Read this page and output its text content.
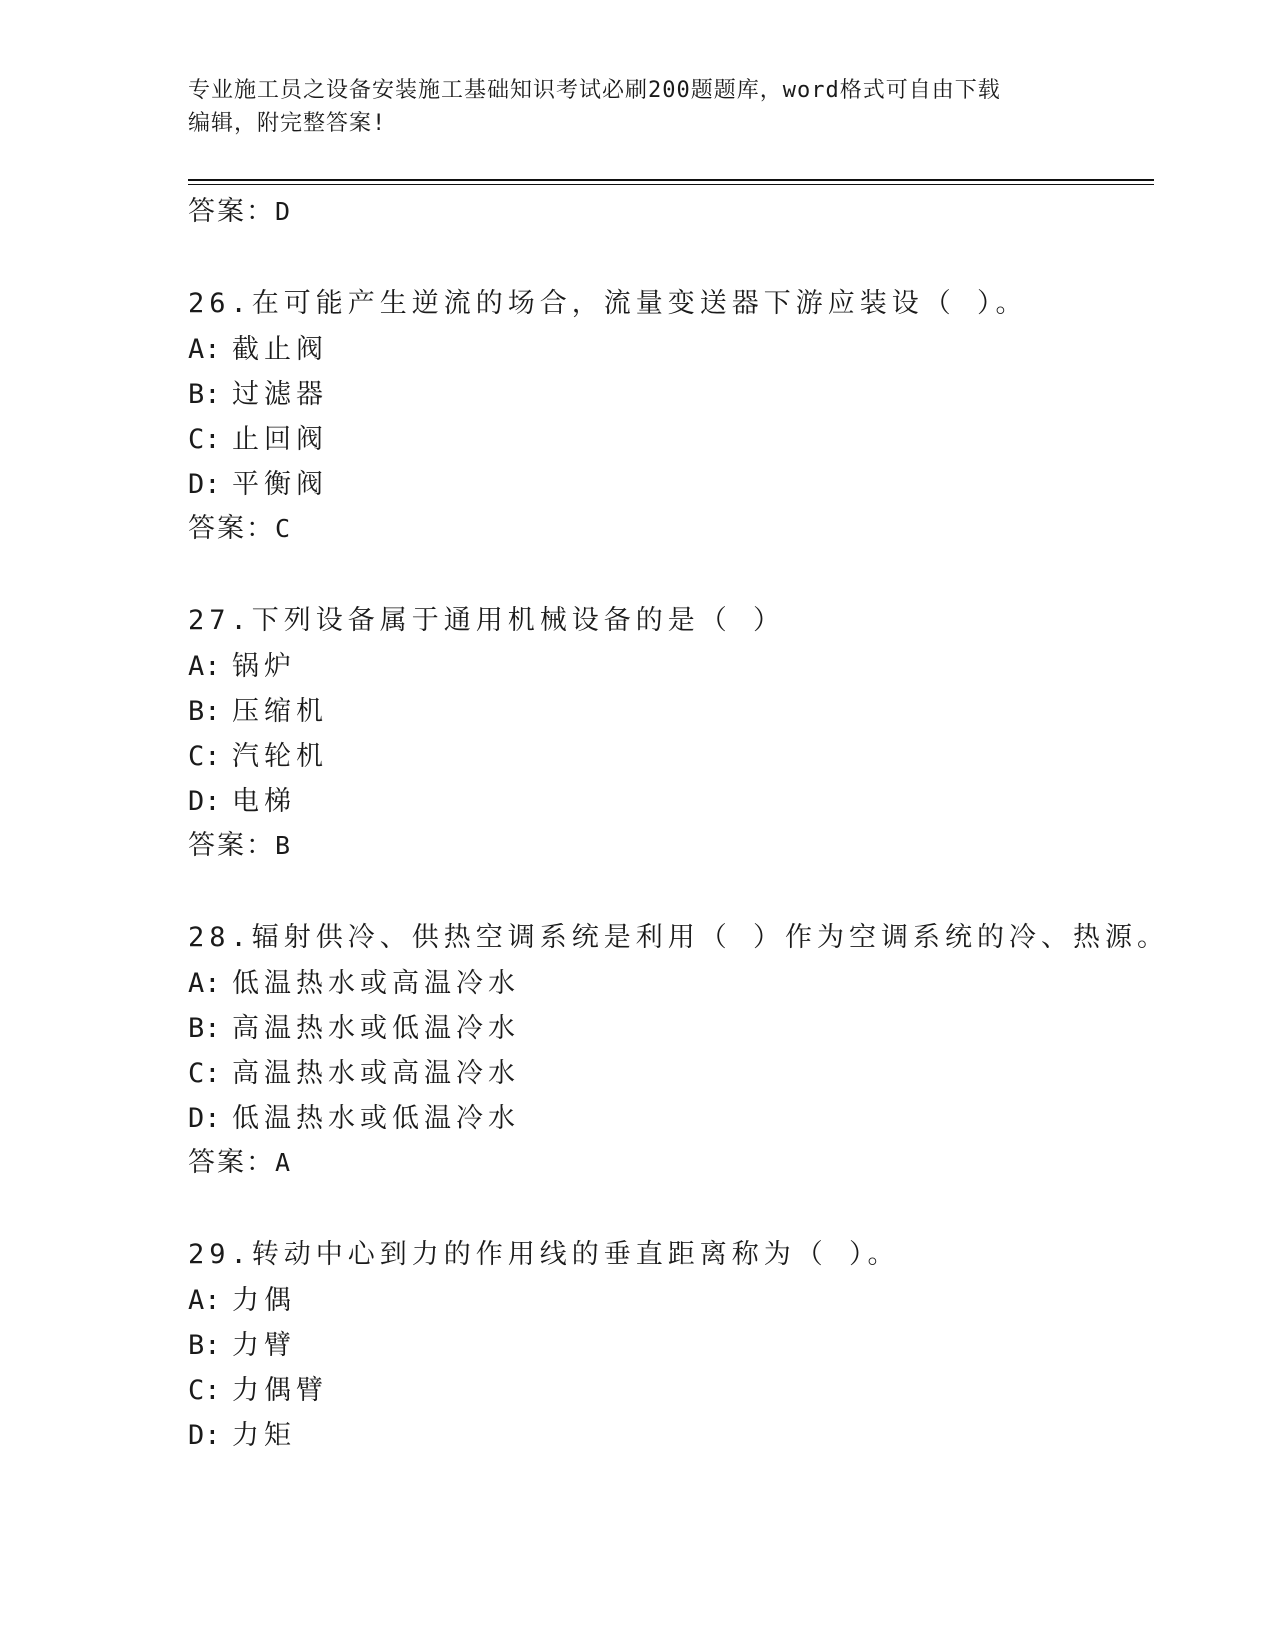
专业施工员之设备安装施工基础知识考试必刷200题题库，word格式可自由下载
编辑，附完整答案!
答案：D
26.在可能产生逆流的场合，流量变送器下游应装设（ ）。
A: 截止阀
B: 过滤器
C: 止回阀
D: 平衡阀
答案：C
27.下列设备属于通用机械设备的是（ ）
A: 锅炉
B: 压缩机
C: 汽轮机
D: 电梯
答案：B
28.辐射供冷、供热空调系统是利用（ ）作为空调系统的冷、热源。
A: 低温热水或高温冷水
B: 高温热水或低温冷水
C: 高温热水或高温冷水
D: 低温热水或低温冷水
答案：A
29.转动中心到力的作用线的垂直距离称为（ ）。
A: 力偶
B: 力臂
C: 力偶臂
D: 力矩
